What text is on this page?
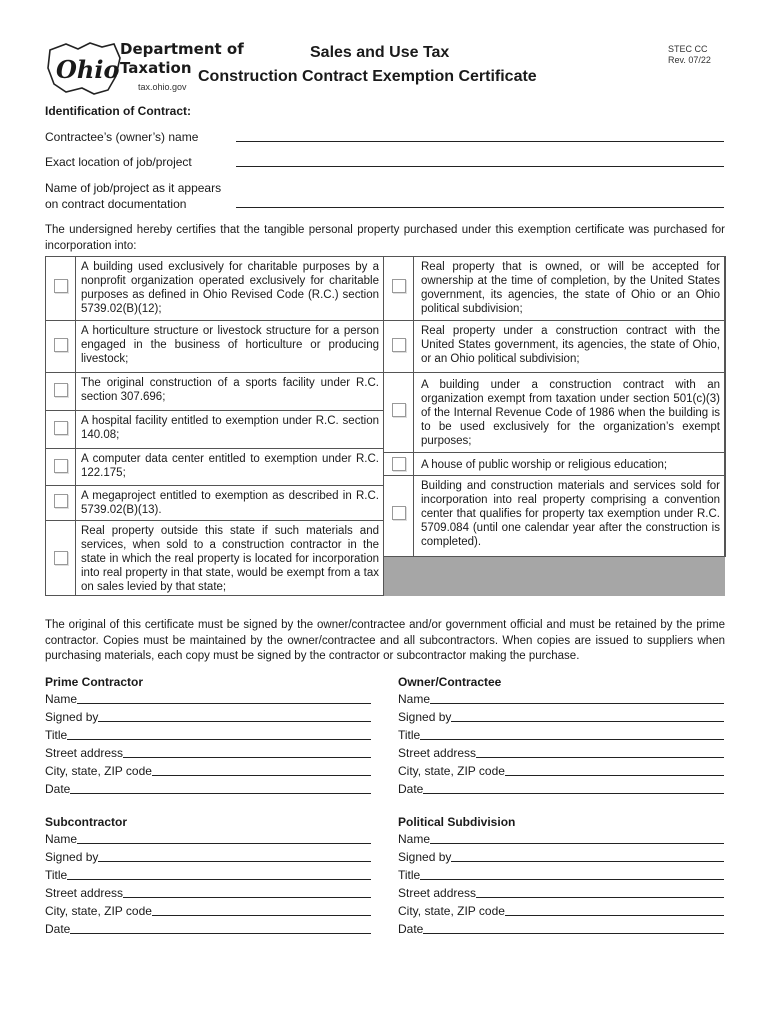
Ohio
Department of
Taxation
tax.ohio.gov
Sales and Use Tax
Construction Contract Exemption Certificate
STEC CC
Rev. 07/22
Identification of Contract:
Contractee’s (owner’s) name
Exact location of job/project
Name of job/project as it appears
on contract documentation
The undersigned hereby certifies that the tangible personal property purchased under this exemption certificate was purchased for incorporation into:
A building used exclusively for charitable purposes by a nonprofit organization operated exclusively for charitable purposes as defined in Ohio Revised Code (R.C.) section 5739.02(B)(12);
A horticulture structure or livestock structure for a person engaged in the business of horticulture or producing livestock;
The original construction of a sports facility under R.C. section 307.696;
A hospital facility entitled to exemption under R.C. section 140.08;
A computer data center entitled to exemption under R.C. 122.175;
A megaproject entitled to exemption as described in R.C. 5739.02(B)(13).
Real property outside this state if such materials and services, when sold to a construction contractor in the state in which the real property is located for incorporation into real property in that state, would be exempt from a tax on sales levied by that state;
Real property that is owned, or will be accepted for ownership at the time of completion, by the United States government, its agencies, the state of Ohio or an Ohio political subdivision;
Real property under a construction contract with the United States government, its agencies, the state of Ohio, or an Ohio political subdivision;
A building under a construction contract with an organization exempt from taxation under section 501(c)(3) of the Internal Revenue Code of 1986 when the building is to be used exclusively for the organization’s exempt purposes;
A house of public worship or religious education;
Building and construction materials and services sold for incorporation into real property comprising a convention center that qualifies for property tax exemption under R.C. 5709.084 (until one calendar year after the construction is completed).
The original of this certificate must be signed by the owner/contractee and/or government official and must be retained by the prime contractor. Copies must be maintained by the owner/contractee and all subcontractors. When copies are issued to suppliers when purchasing materials, each copy must be signed by the contractor or subcontractor making the purchase.
Prime Contractor	Owner/Contractee
Name
Signed by
Title
Street address
City, state, ZIP code
Date
Name
Signed by
Title
Street address
City, state, ZIP code
Date
Subcontractor	Political Subdivision
Name
Signed by
Title
Street address
City, state, ZIP code
Date
Name
Signed by
Title
Street address
City, state, ZIP code
Date
